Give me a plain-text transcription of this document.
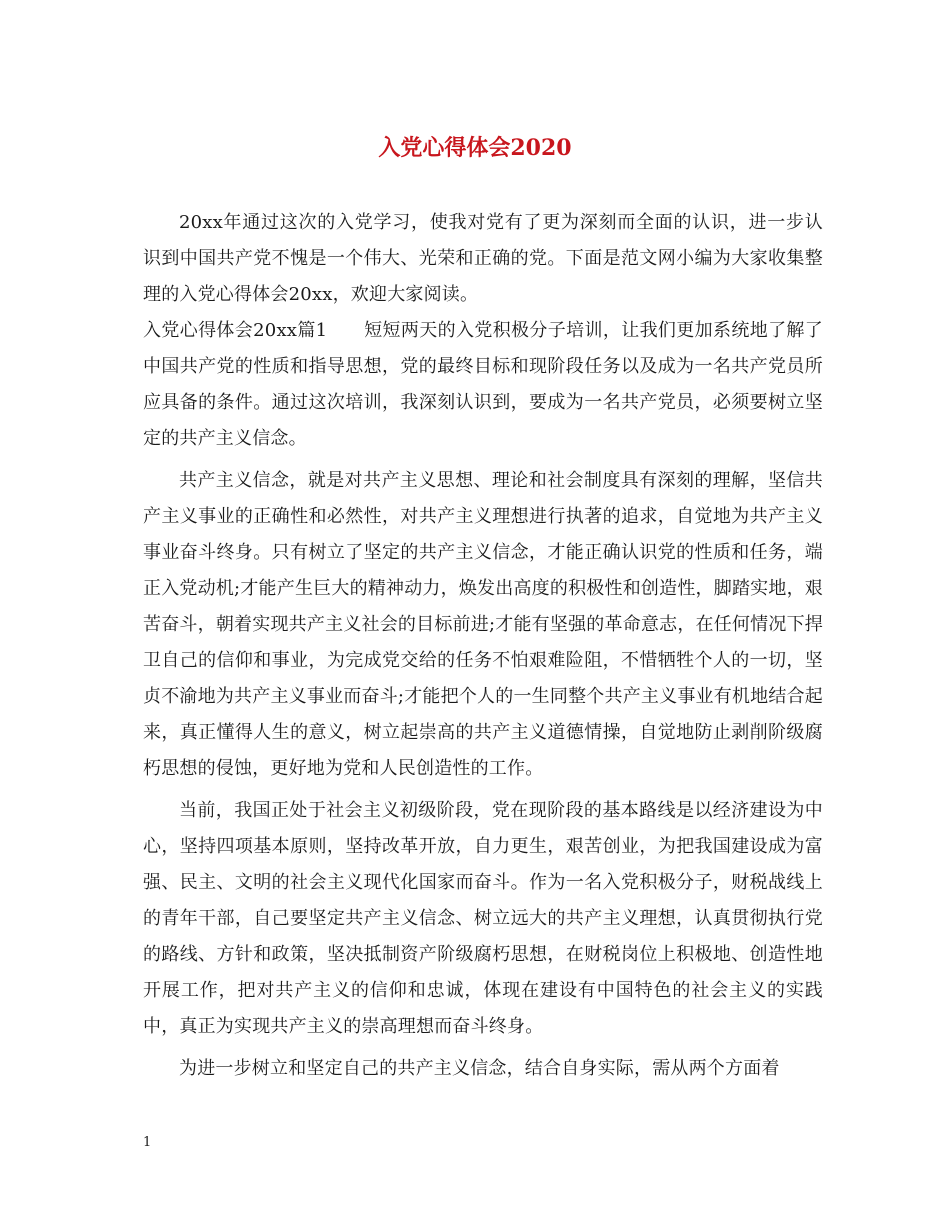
入党心得体会2020

20xx年通过这次的入党学习，使我对党有了更为深刻而全面的认识，进一步认识到中国共产党不愧是一个伟大、光荣和正确的党。下面是范文网小编为大家收集整理的入党心得体会20xx，欢迎大家阅读。

入党心得体会20xx篇1　　短短两天的入党积极分子培训，让我们更加系统地了解了中国共产党的性质和指导思想，党的最终目标和现阶段任务以及成为一名共产党员所应具备的条件。通过这次培训，我深刻认识到，要成为一名共产党员，必须要树立坚定的共产主义信念。

共产主义信念，就是对共产主义思想、理论和社会制度具有深刻的理解，坚信共产主义事业的正确性和必然性，对共产主义理想进行执著的追求，自觉地为共产主义事业奋斗终身。只有树立了坚定的共产主义信念，才能正确认识党的性质和任务，端正入党动机;才能产生巨大的精神动力，焕发出高度的积极性和创造性，脚踏实地，艰苦奋斗，朝着实现共产主义社会的目标前进;才能有坚强的革命意志，在任何情况下捍卫自己的信仰和事业，为完成党交给的任务不怕艰难险阻，不惜牺牲个人的一切，坚贞不渝地为共产主义事业而奋斗;才能把个人的一生同整个共产主义事业有机地结合起来，真正懂得人生的意义，树立起崇高的共产主义道德情操，自觉地防止剥削阶级腐朽思想的侵蚀，更好地为党和人民创造性的工作。

当前，我国正处于社会主义初级阶段，党在现阶段的基本路线是以经济建设为中心，坚持四项基本原则，坚持改革开放，自力更生，艰苦创业，为把我国建设成为富强、民主、文明的社会主义现代化国家而奋斗。作为一名入党积极分子，财税战线上的青年干部，自己要坚定共产主义信念、树立远大的共产主义理想，认真贯彻执行党的路线、方针和政策，坚决抵制资产阶级腐朽思想，在财税岗位上积极地、创造性地开展工作，把对共产主义的信仰和忠诚，体现在建设有中国特色的社会主义的实践中，真正为实现共产主义的崇高理想而奋斗终身。

为进一步树立和坚定自己的共产主义信念，结合自身实际，需从两个方面着

1
